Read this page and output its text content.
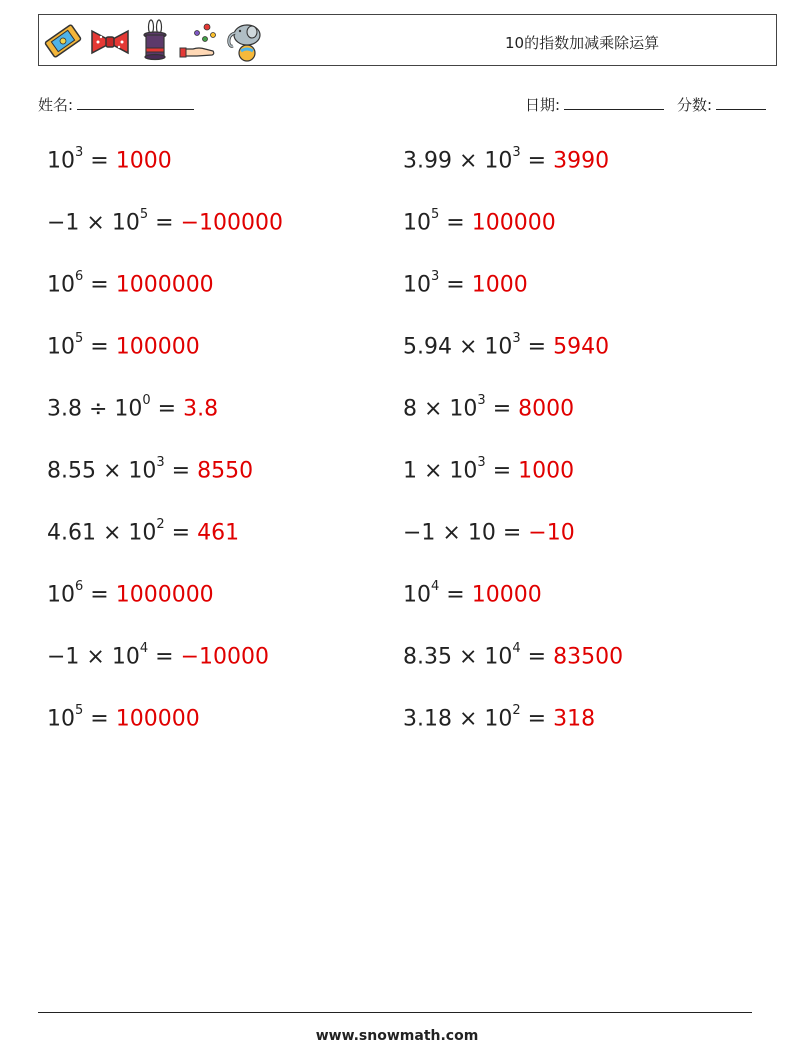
10的指数加减乘除运算
姓名:	日期:	分数:
$10^3 = 1000$	$3.99 \times 10^3 = 3990$
$-1 \times 10^5 = -100000$	$10^5 = 100000$
$10^6 = 1000000$	$10^3 = 1000$
$10^5 = 100000$	$5.94 \times 10^3 = 5940$
$3.8 \div 10^0 = 3.8$	$8 \times 10^3 = 8000$
$8.55 \times 10^3 = 8550$	$1 \times 10^3 = 1000$
$4.61 \times 10^2 = 461$	−1 × 10 = −10
$10^6 = 1000000$	$10^4 = 10000$
$-1 \times 10^4 = -10000$	$8.35 \times 10^4 = 83500$
$10^5 = 100000$	$3.18 \times 10^2 = 318$
www.snowmath.com
